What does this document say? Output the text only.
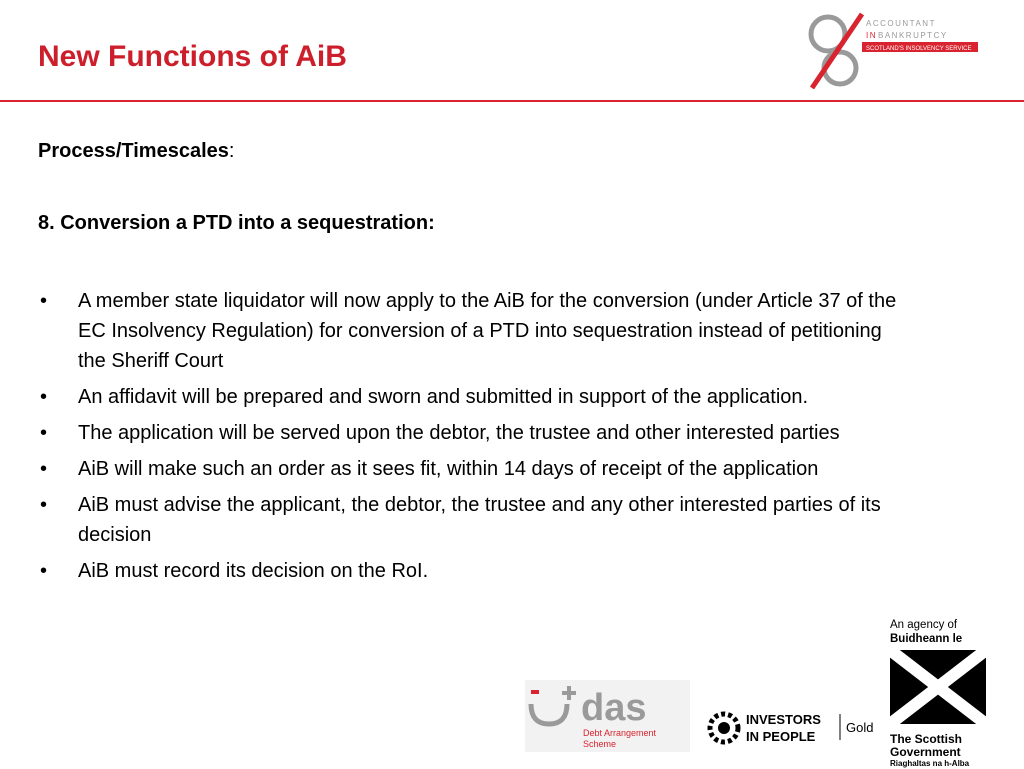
New Functions of AiB
ACCOUNTANT
IN BANKRUPTCY
SCOTLAND'S INSOLVENCY SERVICE
Process/Timescales:
8. Conversion a PTD into a sequestration:
• A member state liquidator will now apply to the AiB for the conversion (under Article 37 of the EC Insolvency Regulation) for conversion of a PTD into sequestration instead of petitioning the Sheriff Court
• An affidavit will be prepared and sworn and submitted in support of the application.
• The application will be served upon the debtor, the trustee and other interested parties
• AiB will make such an order as it sees fit, within 14 days of receipt of the application
• AiB must advise the applicant, the debtor, the trustee and any other interested parties of its decision
• AiB must record its decision on the RoI.
das
Debt Arrangement
Scheme
INVESTORS
IN PEOPLE
Gold
An agency of
Buidheann le
The Scottish
Government
Riaghaltas na h-Alba
